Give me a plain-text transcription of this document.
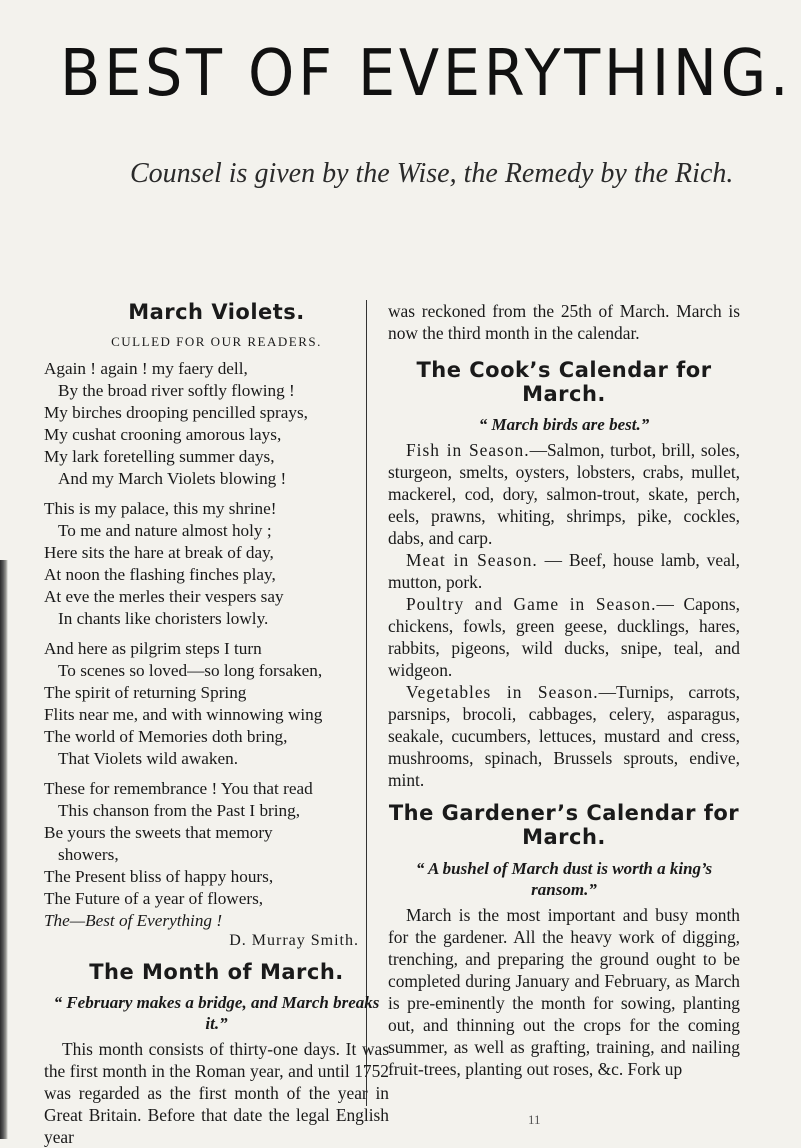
BEST OF EVERYTHING.
Counsel is given by the Wise, the Remedy by the Rich.
March Violets.
CULLED FOR OUR READERS.
Again ! again ! my faery dell,
By the broad river softly flowing !
My birches drooping pencilled sprays,
My cushat crooning amorous lays,
My lark foretelling summer days,
And my March Violets blowing !
This is my palace, this my shrine!
To me and nature almost holy ;
Here sits the hare at break of day,
At noon the flashing finches play,
At eve the merles their vespers say
In chants like choristers lowly.
And here as pilgrim steps I turn
To scenes so loved—so long forsaken,
The spirit of returning Spring
Flits near me, and with winnowing wing
The world of Memories doth bring,
That Violets wild awaken.
These for remembrance ! You that read
This chanson from the Past I bring,
Be yours the sweets that memory
showers,
The Present bliss of happy hours,
The Future of a year of flowers,
The—Best of Everything !
D. Murray Smith.
The Month of March.
“ February makes a bridge, and March breaks it.”

This month consists of thirty-one days. It was the first month in the Roman year, and until 1752 was regarded as the first month of the year in Great Britain. Before that date the legal English year

was reckoned from the 25th of March. March is now the third month in the calendar.

The Cook’s Calendar for March.
“ March birds are best.”

Fish in Season.—Salmon, turbot, brill, soles, sturgeon, smelts, oysters, lobsters, crabs, mullet, mackerel, cod, dory, salmon-trout, skate, perch, eels, prawns, whiting, shrimps, pike, cockles, dabs, and carp.

Meat in Season. — Beef, house lamb, veal, mutton, pork.

Poultry and Game in Season.— Capons, chickens, fowls, green geese, ducklings, hares, rabbits, pigeons, wild ducks, snipe, teal, and widgeon.

Vegetables in Season.—Turnips, carrots, parsnips, brocoli, cabbages, celery, asparagus, seakale, cucumbers, lettuces, mustard and cress, mushrooms, spinach, Brussels sprouts, endive, mint.

The Gardener’s Calendar for March.
“ A bushel of March dust is worth a king’s ransom.”

March is the most important and busy month for the gardener. All the heavy work of digging, trenching, and preparing the ground ought to be completed during January and February, as March is pre-eminently the month for sowing, planting out, and thinning out the crops for the coming summer, as well as grafting, training, and nailing fruit-trees, planting out roses, &c. Fork up

11
